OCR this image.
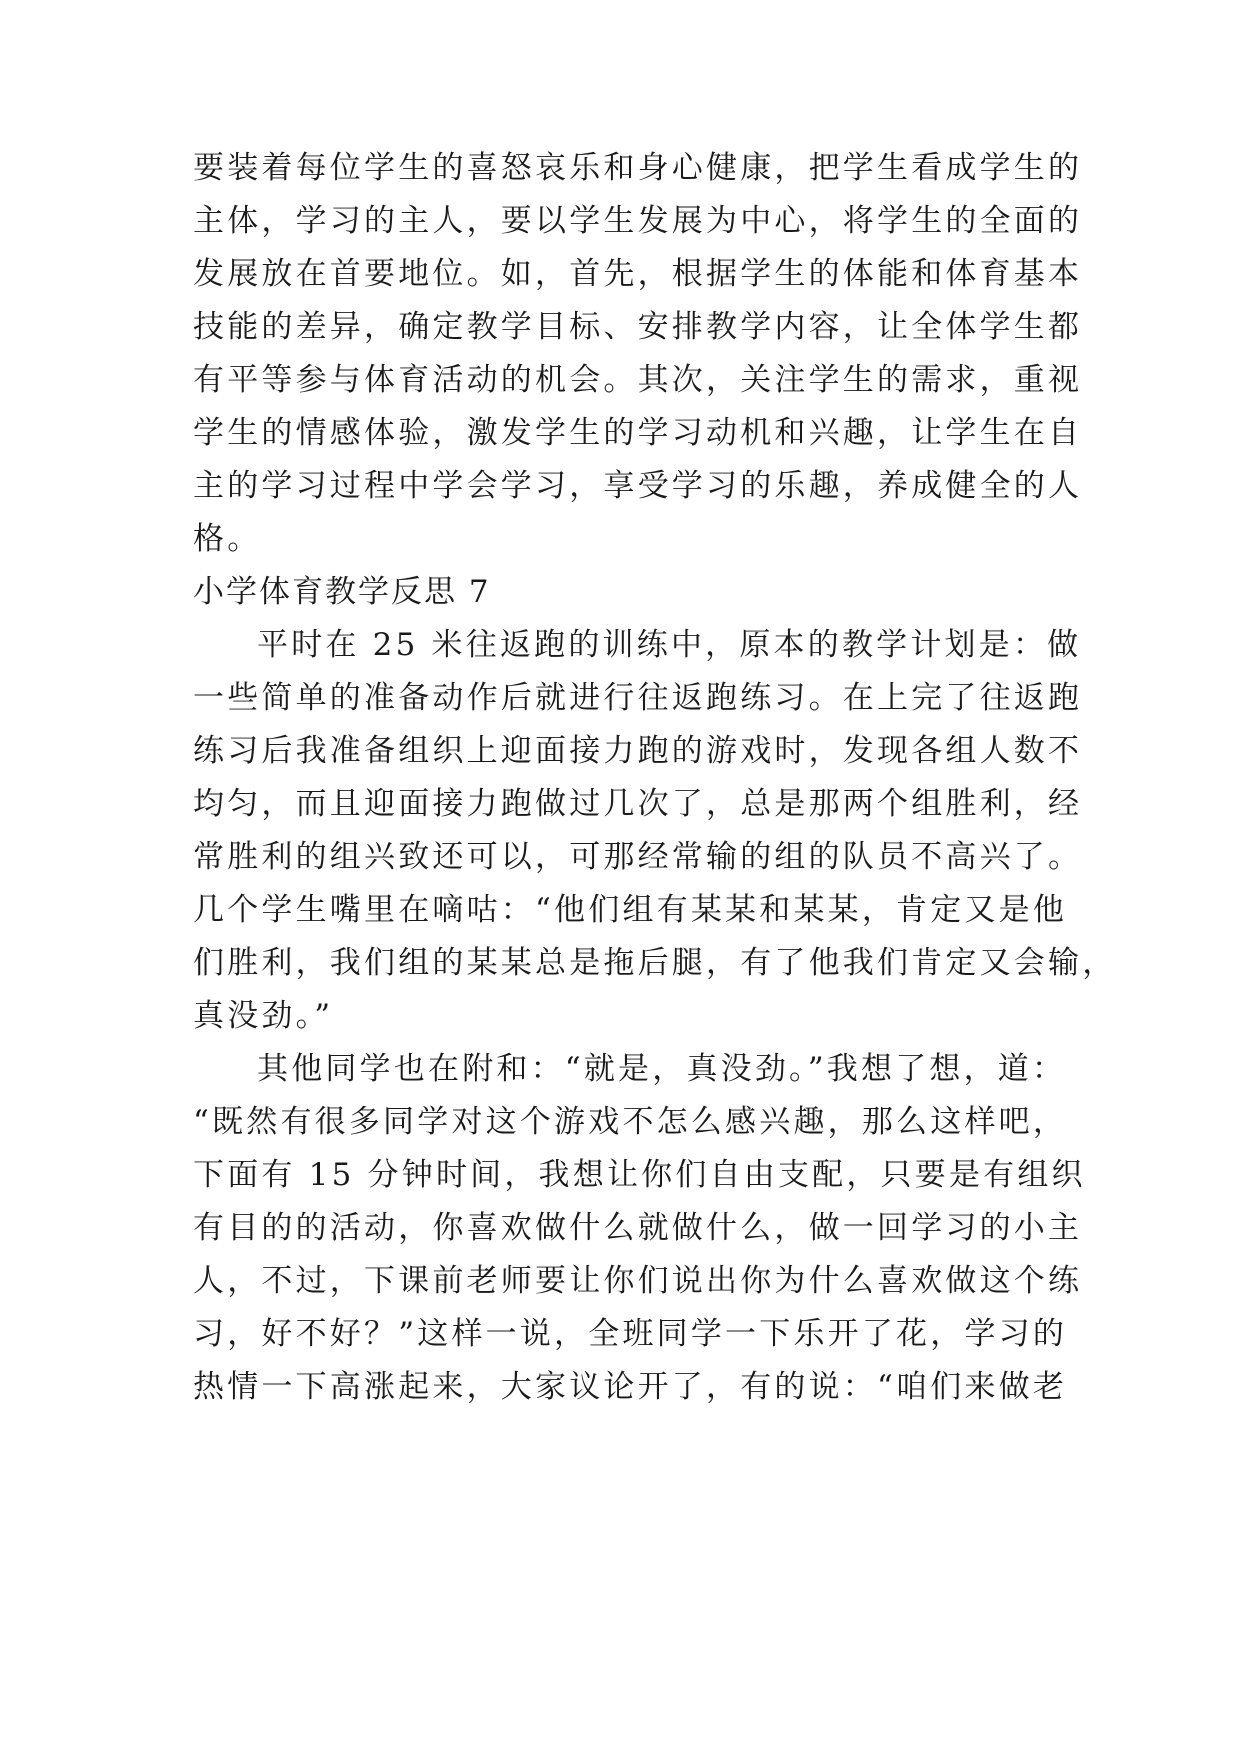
要装着每位学生的喜怒哀乐和身心健康，把学生看成学生的
主体，学习的主人，要以学生发展为中心，将学生的全面的
发展放在首要地位。如，首先，根据学生的体能和体育基本
技能的差异，确定教学目标、安排教学内容，让全体学生都
有平等参与体育活动的机会。其次，关注学生的需求，重视
学生的情感体验，激发学生的学习动机和兴趣，让学生在自
主的学习过程中学会学习，享受学习的乐趣，养成健全的人
格。
小学体育教学反思 7
平时在 25 米往返跑的训练中，原本的教学计划是：做
一些简单的准备动作后就进行往返跑练习。在上完了往返跑
练习后我准备组织上迎面接力跑的游戏时，发现各组人数不
均匀，而且迎面接力跑做过几次了，总是那两个组胜利，经
常胜利的组兴致还可以，可那经常输的组的队员不高兴了。
几个学生嘴里在嘀咕：“他们组有某某和某某，肯定又是他
们胜利，我们组的某某总是拖后腿，有了他我们肯定又会输，
真没劲。”
其他同学也在附和：“就是，真没劲。”我想了想，道：
“既然有很多同学对这个游戏不怎么感兴趣，那么这样吧，
下面有 15 分钟时间，我想让你们自由支配，只要是有组织
有目的的活动，你喜欢做什么就做什么，做一回学习的小主
人，不过，下课前老师要让你们说出你为什么喜欢做这个练
习，好不好？”这样一说，全班同学一下乐开了花，学习的
热情一下高涨起来，大家议论开了，有的说：“咱们来做老
